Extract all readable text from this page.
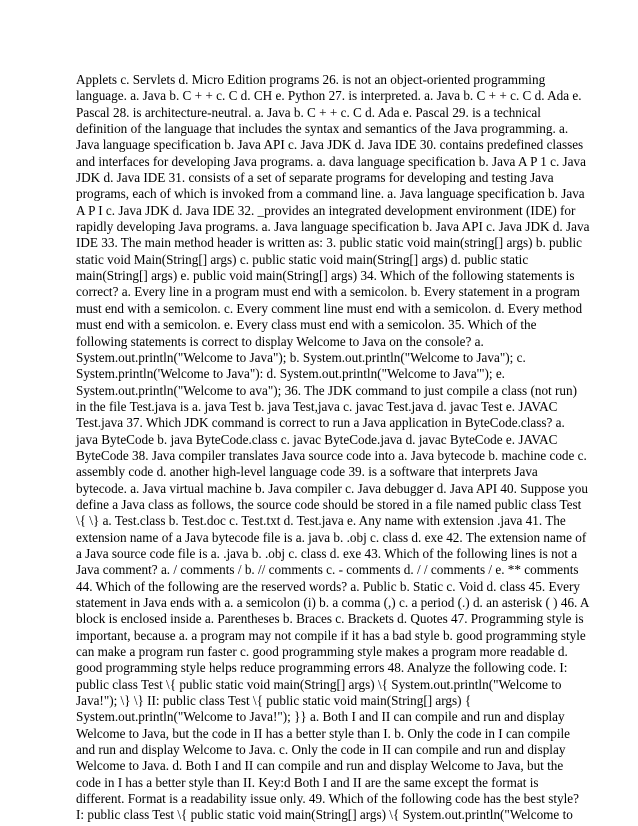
Applets c. Servlets d. Micro Edition programs 26. is not an object-oriented programming
language. a. Java b. C + + c. C d. CH e. Python 27. is interpreted. a. Java b. C + + c. C d. Ada e.
Pascal 28. is architecture-neutral. a. Java b. C + + c. C d. Ada e. Pascal 29. is a technical
definition of the language that includes the syntax and semantics of the Java programming. a.
Java language specification b. Java API c. Java JDK d. Java IDE 30. contains predefined classes
and interfaces for developing Java programs. a. dava language specification b. Java A P 1 c. Java
JDK d. Java IDE 31. consists of a set of separate programs for developing and testing Java
programs, each of which is invoked from a command line. a. Java language specification b. Java
A P I c. Java JDK d. Java IDE 32. _provides an integrated development environment (IDE) for
rapidly developing Java programs. a. Java language specification b. Java API c. Java JDK d. Java
IDE 33. The main method header is written as: 3. public static void main(string[] args) b. public
static void Main(String[] args) c. public static void main(String[] args) d. public static
main(String[] args) e. public void main(String[] args) 34. Which of the following statements is
correct? a. Every line in a program must end with a semicolon. b. Every statement in a program
must end with a semicolon. c. Every comment line must end with a semicolon. d. Every method
must end with a semicolon. e. Every class must end with a semicolon. 35. Which of the
following statements is correct to display Welcome to Java on the console? a.
System.out.println("Welcome to Java"); b. System.out.println("Welcome to Java"); c.
System.println('Welcome to Java"): d. System.out.println("Welcome to Java'"); e.
System.out.println("Welcome to ava"); 36. The JDK command to just compile a class (not run)
in the file Test.java is a. java Test b. java Test,java c. javac Test.java d. javac Test e. JAVAC
Test.java 37. Which JDK command is correct to run a Java application in ByteCode.class? a.
java ByteCode b. java ByteCode.class c. javac ByteCode.java d. javac ByteCode e. JAVAC
ByteCode 38. Java compiler translates Java source code into a. Java bytecode b. machine code c.
assembly code d. another high-level language code 39. is a software that interprets Java
bytecode. a. Java virtual machine b. Java compiler c. Java debugger d. Java API 40. Suppose you
define a Java class as follows, the source code should be stored in a file named public class Test
\{ \} a. Test.class b. Test.doc c. Test.txt d. Test.java e. Any name with extension .java 41. The
extension name of a Java bytecode file is a. java b. .obj c. class d. exe 42. The extension name of
a Java source code file is a. .java b. .obj c. class d. exe 43. Which of the following lines is not a
Java comment? a. / comments / b. // comments c. - comments d. / / comments / e. ** comments
44. Which of the following are the reserved words? a. Public b. Static c. Void d. class 45. Every
statement in Java ends with a. a semicolon (i) b. a comma (,) c. a period (.) d. an asterisk ( ) 46. A
block is enclosed inside a. Parentheses b. Braces c. Brackets d. Quotes 47. Programming style is
important, because a. a program may not compile if it has a bad style b. good programming style
can make a program run faster c. good programming style makes a program more readable d.
good programming style helps reduce programming errors 48. Analyze the following code. I:
public class Test \{ public static void main(String[] args) \{ System.out.println("Welcome to
Java!"); \} \} II: public class Test \{ public static void main(String[] args) {
System.out.println("Welcome to Java!"); }} a. Both I and II can compile and run and display
Welcome to Java, but the code in II has a better style than I. b. Only the code in I can compile
and run and display Welcome to Java. c. Only the code in II can compile and run and display
Welcome to Java. d. Both I and II can compile and run and display Welcome to Java, but the
code in I has a better style than II. Key:d Both I and II are the same except the format is
different. Format is a readability issue only. 49. Which of the following code has the best style?
I: public class Test \{ public static void main(String[] args) \{ System.out.println("Welcome to
